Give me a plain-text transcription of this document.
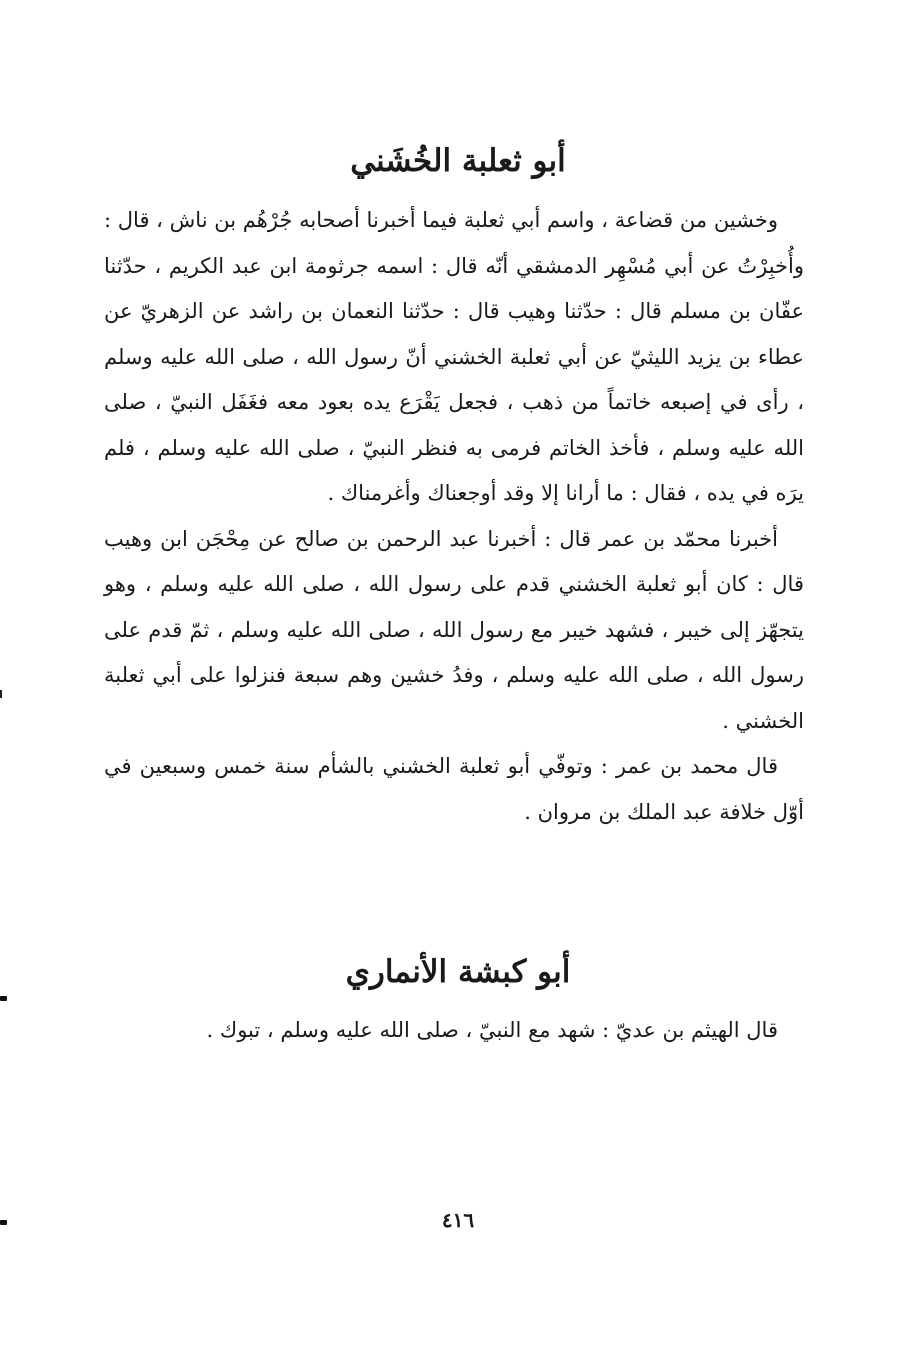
أبو ثعلبة الخُشَني

وخشين من قضاعة ، واسم أبي ثعلبة فيما أخبرنا أصحابه جُرْهُم بن ناش ، قال : وأُخبِرْتُ عن أبي مُسْهِر الدمشقي أنّه قال : اسمه جرثومة ابن عبد الكريم ، حدّثنا عفّان بن مسلم قال : حدّثنا وهيب قال : حدّثنا النعمان بن راشد عن الزهريّ عن عطاء بن يزيد الليثيّ عن أبي ثعلبة الخشني أنّ رسول الله ، صلى الله عليه وسلم ، رأى في إصبعه خاتماً من ذهب ، فجعل يَقْرَع يده بعود معه فغَفَل النبيّ ، صلى الله عليه وسلم ، فأخذ الخاتم فرمى به فنظر النبيّ ، صلى الله عليه وسلم ، فلم يرَه في يده ، فقال : ما أرانا إلا وقد أوجعناك وأغرمناك .

أخبرنا محمّد بن عمر قال : أخبرنا عبد الرحمن بن صالح عن مِحْجَن ابن وهيب قال : كان أبو ثعلبة الخشني قدم على رسول الله ، صلى الله عليه وسلم ، وهو يتجهّز إلى خيبر ، فشهد خيبر مع رسول الله ، صلى الله عليه وسلم ، ثمّ قدم على رسول الله ، صلى الله عليه وسلم ، وفدُ خشين وهم سبعة فنزلوا على أبي ثعلبة الخشني .

قال محمد بن عمر : وتوفّي أبو ثعلبة الخشني بالشأم سنة خمس وسبعين في أوّل خلافة عبد الملك بن مروان .

أبو كبشة الأنماري

قال الهيثم بن عديّ : شهد مع النبيّ ، صلى الله عليه وسلم ، تبوك .

٤١٦
